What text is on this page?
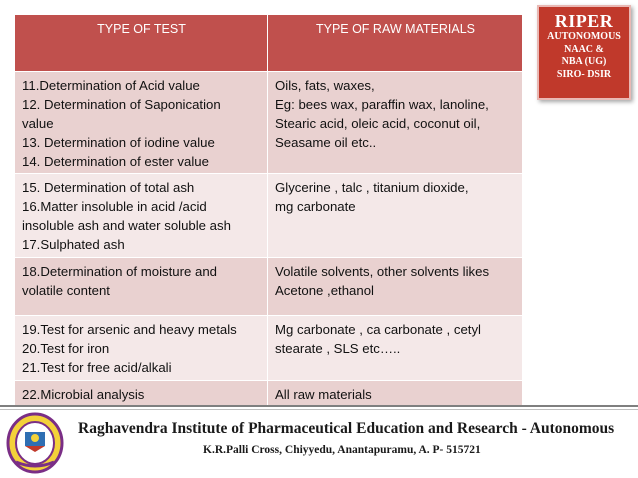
TYPE OF TEST	TYPE OF RAW MATERIALS
11.Determination of Acid value
12. Determination of Saponication
value
13. Determination of iodine value
14. Determination of ester value	Oils, fats, waxes,
Eg: bees wax, paraffin wax, lanoline,
Stearic acid, oleic acid, coconut oil,
Seasame oil etc..
15. Determination of total ash
16.Matter insoluble in acid /acid
insoluble ash and water soluble ash
17.Sulphated ash	Glycerine , talc , titanium dioxide,
mg carbonate
18.Determination of moisture and
volatile content	Volatile solvents, other solvents likes
Acetone ,ethanol
19.Test for arsenic and heavy metals
20.Test for iron
21.Test for free acid/alkali	Mg carbonate , ca carbonate , cetyl
stearate , SLS etc…..
22.Microbial analysis	All raw materials
RIPER
AUTONOMOUS
NAAC &
NBA (UG)
SIRO- DSIR
Raghavendra Institute of Pharmaceutical Education and Research - Autonomous
K.R.Palli Cross, Chiyyedu, Anantapuramu, A. P- 515721
